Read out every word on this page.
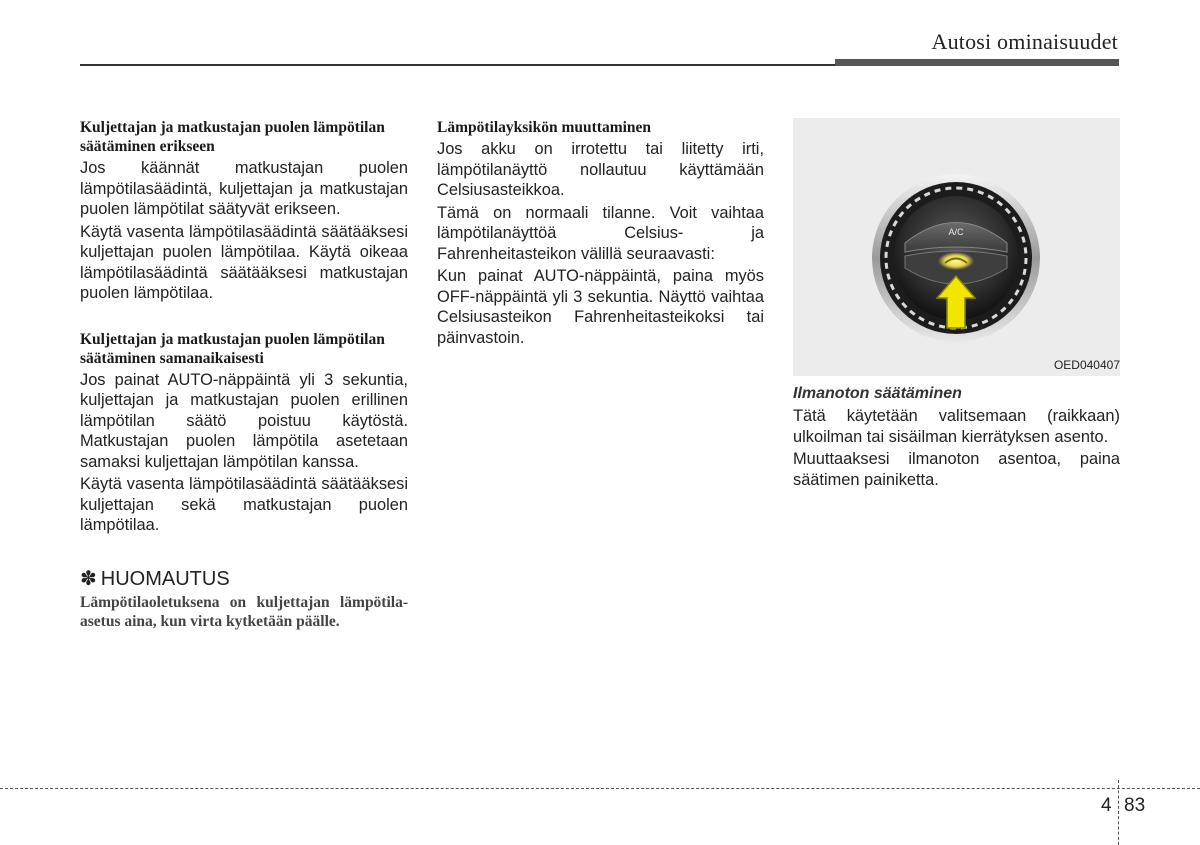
Autosi ominaisuudet
Kuljettajan ja matkustajan puolen lämpötilan säätäminen erikseen

Jos käännät matkustajan puolen lämpötilasäädintä, kuljettajan ja matkustajan puolen lämpötilat säätyvät erikseen.

Käytä vasenta lämpötilasäädintä säätääksesi kuljettajan puolen lämpötilaa. Käytä oikeaa lämpötilasäädintä säätääksesi matkustajan puolen lämpötilaa.

Kuljettajan ja matkustajan puolen lämpötilan säätäminen samanaikaisesti

Jos painat AUTO-näppäintä yli 3 sekuntia, kuljettajan ja matkustajan puolen erillinen lämpötilan säätö poistuu käytöstä. Matkustajan puolen lämpötila asetetaan samaksi kuljettajan lämpötilan kanssa.

Käytä vasenta lämpötilasäädintä säätääksesi kuljettajan sekä matkustajan puolen lämpötilaa.

✽ HUOMAUTUS
Lämpötilaoletuksena on kuljettajan lämpötila-asetus aina, kun virta kytketään päälle.
Lämpötilayksikön muuttaminen

Jos akku on irrotettu tai liitetty irti, lämpötilanäyttö nollautuu käyttämään Celsiusasteikkoa.

Tämä on normaali tilanne. Voit vaihtaa lämpötilanäyttöä Celsius- ja Fahrenheitasteikon välillä seuraavasti:

Kun painat AUTO-näppäintä, paina myös OFF-näppäintä yli 3 sekuntia. Näyttö vaihtaa Celsiusasteikon Fahrenheitasteikoksi tai päinvastoin.

A/C
OED040407
Ilmanoton säätäminen

Tätä käytetään valitsemaan (raikkaan) ulkoilman tai sisäilman kierrätyksen asento.

Muuttaaksesi ilmanoton asentoa, paina säätimen painiketta.

4 83
